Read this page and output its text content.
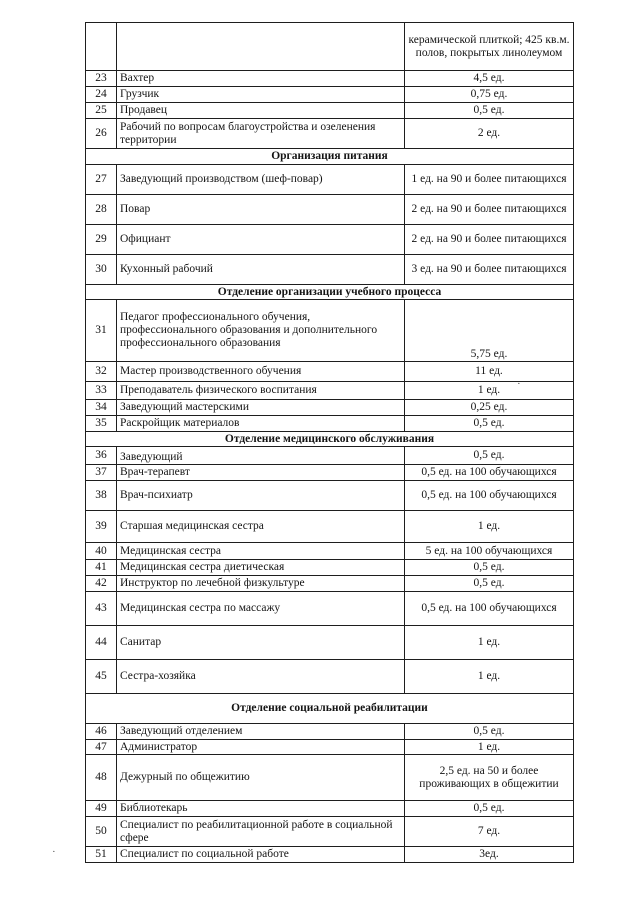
		керамической плиткой; 425 кв.м. полов, покрытых линолеумом
23	Вахтер	4,5 ед.
24	Грузчик	0,75 ед.
25	Продавец	0,5 ед.
26	Рабочий по вопросам благоустройства и озеленения территории	2 ед.
Организация питания		
27	Заведующий производством (шеф-повар)	1 ед. на 90 и более питающихся
28	Повар	2 ед. на 90 и более питающихся
29	Официант	2 ед. на 90 и более питающихся
30	Кухонный рабочий	3 ед. на 90 и более питающихся
Отделение организации учебного процесса		
31	Педагог профессионального обучения, профессионального образования и дополнительного профессионального образования	5,75 ед.
32	Мастер производственного обучения	11 ед.
33	Преподаватель физического воспитания	1 ед.
34	Заведующий мастерскими	0,25 ед.
35	Раскройщик материалов	0,5 ед.
Отделение медицинского обслуживания		
36	Заведующий	0,5 ед.
37	Врач-терапевт	0,5 ед. на 100 обучающихся
38	Врач-психиатр	0,5 ед. на 100 обучающихся
39	Старшая медицинская сестра	1 ед.
40	Медицинская сестра	5 ед. на 100 обучающихся
41	Медицинская сестра диетическая	0,5 ед.
42	Инструктор по лечебной физкультуре	0,5 ед.
43	Медицинская сестра по массажу	0,5 ед. на 100 обучающихся
44	Санитар	1 ед.
45	Сестра-хозяйка	1 ед.
Отделение социальной реабилитации		
46	Заведующий отделением	0,5 ед.
47	Администратор	1 ед.
48	Дежурный по общежитию	2,5 ед. на 50 и более проживающих в общежитии
49	Библиотекарь	0,5 ед.
50	Специалист по реабилитационной работе в социальной сфере	7 ед.
51	Специалист по социальной работе	3ед.
·
·
